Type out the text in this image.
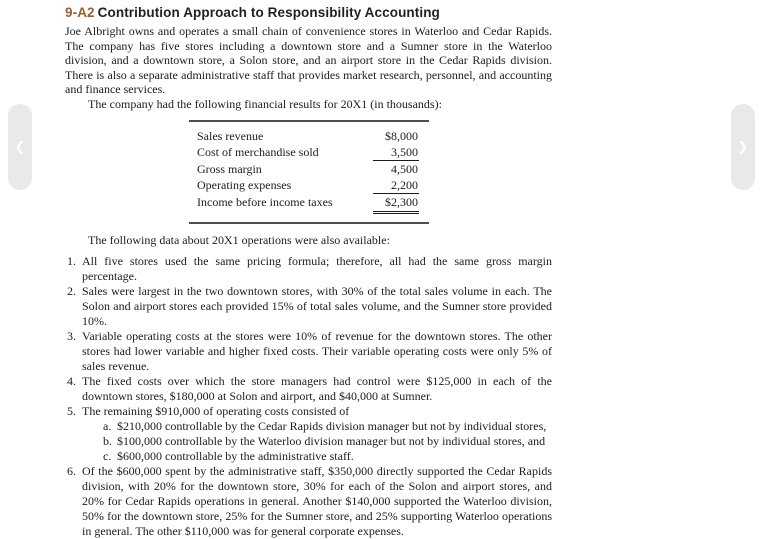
❮	❯
9-A2 Contribution Approach to Responsibility Accounting

Joe Albright owns and operates a small chain of convenience stores in Waterloo and Cedar Rapids. The company has five stores including a downtown store and a Sumner store in the Waterloo division, and a downtown store, a Solon store, and an airport store in the Cedar Rapids division. There is also a separate administrative staff that provides market research, personnel, and accounting and finance services.

The company had the following financial results for 20X1 (in thousands):

Sales revenue	$8,000
Cost of merchandise sold	3,500
Gross margin	4,500
Operating expenses	2,200
Income before income taxes	$2,300

The following data about 20X1 operations were also available:

1. All five stores used the same pricing formula; therefore, all had the same gross margin percentage.
2. Sales were largest in the two downtown stores, with 30% of the total sales volume in each. The Solon and airport stores each provided 15% of total sales volume, and the Sumner store provided 10%.
3. Variable operating costs at the stores were 10% of revenue for the downtown stores. The other stores had lower variable and higher fixed costs. Their variable operating costs were only 5% of sales revenue.
4. The fixed costs over which the store managers had control were $125,000 in each of the downtown stores, $180,000 at Solon and airport, and $40,000 at Sumner.
5. The remaining $910,000 of operating costs consisted of
a. $210,000 controllable by the Cedar Rapids division manager but not by individual stores,
b. $100,000 controllable by the Waterloo division manager but not by individual stores, and
c. $600,000 controllable by the administrative staff.
6. Of the $600,000 spent by the administrative staff, $350,000 directly supported the Cedar Rapids division, with 20% for the downtown store, 30% for each of the Solon and airport stores, and 20% for Cedar Rapids operations in general. Another $140,000 supported the Waterloo division, 50% for the downtown store, 25% for the Sumner store, and 25% supporting Waterloo operations in general. The other $110,000 was for general corporate expenses.
